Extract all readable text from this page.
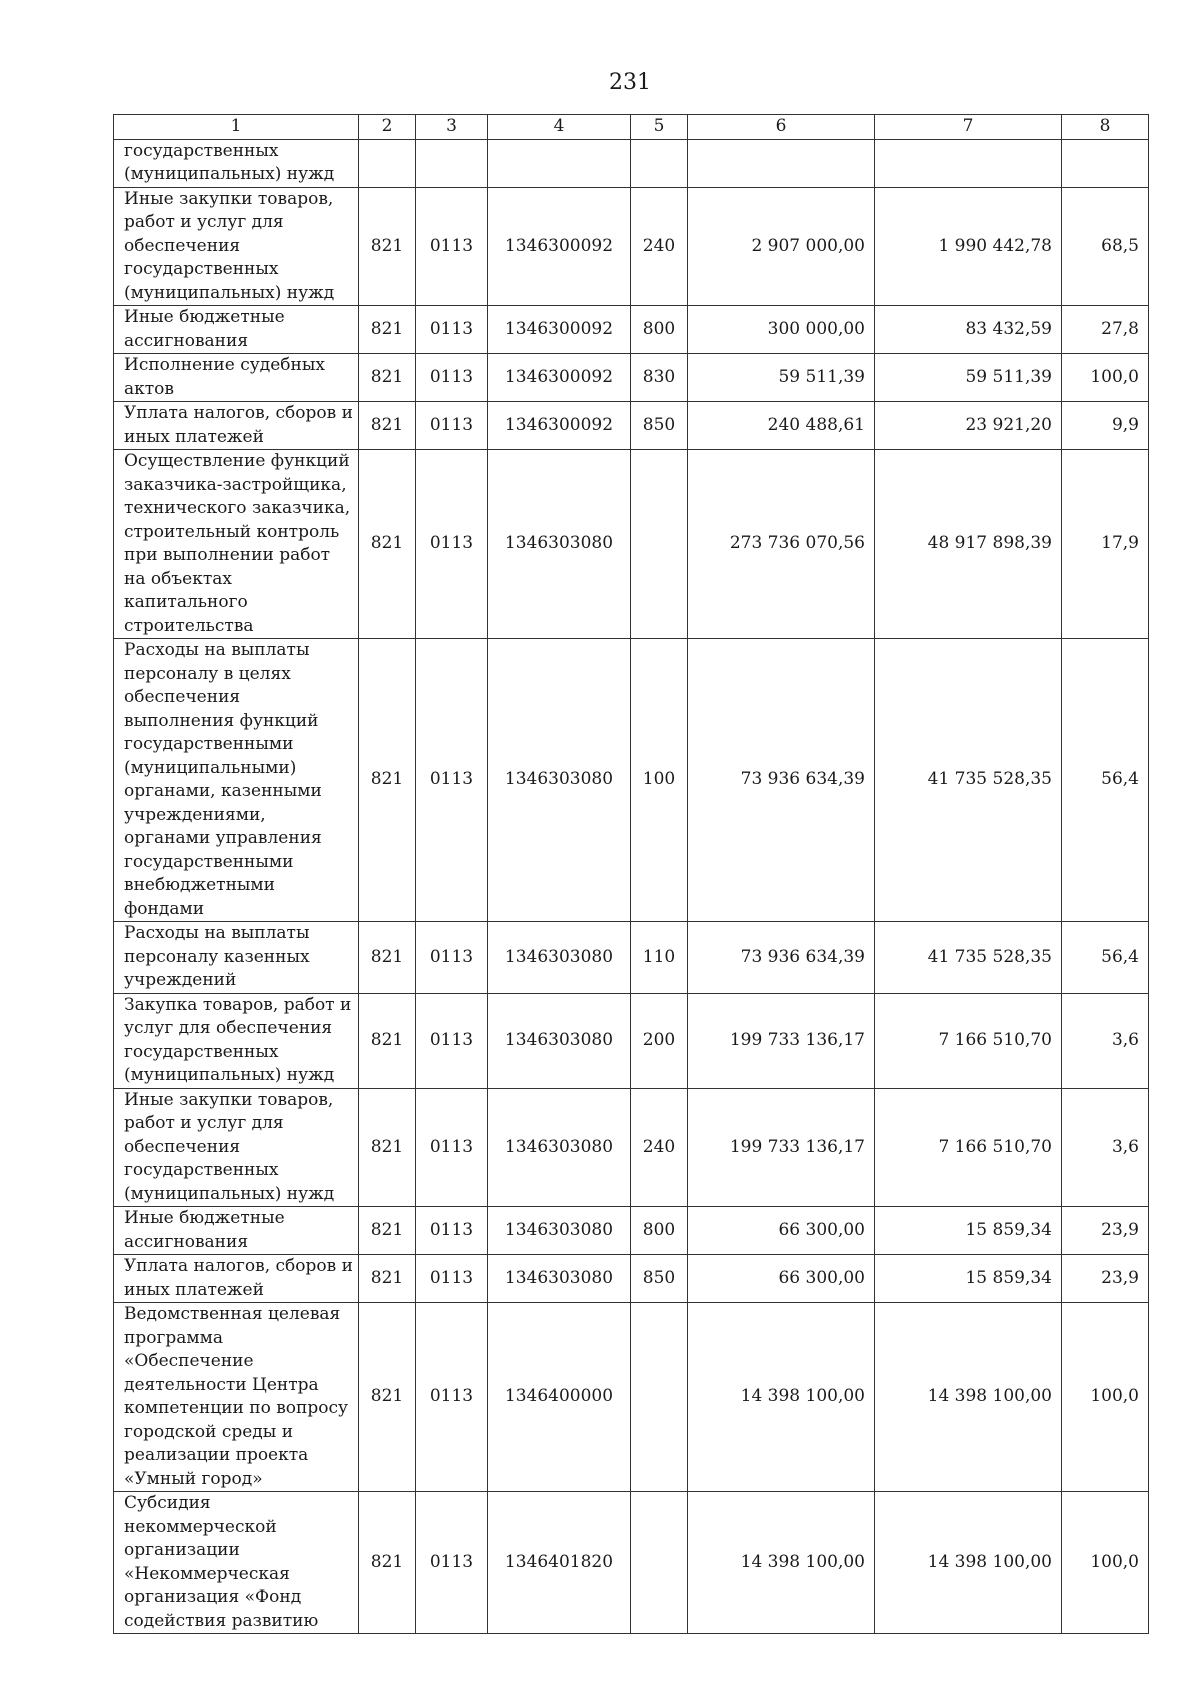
231
1	2	3	4	5	6	7	8
государственных (муниципальных) нужд							
Иные закупки товаров, работ и услуг для обеспечения государственных (муниципальных) нужд	821	0113	1346300092	240	2 907 000,00	1 990 442,78	68,5
Иные бюджетные ассигнования	821	0113	1346300092	800	300 000,00	83 432,59	27,8
Исполнение судебных актов	821	0113	1346300092	830	59 511,39	59 511,39	100,0
Уплата налогов, сборов и иных платежей	821	0113	1346300092	850	240 488,61	23 921,20	9,9
Осуществление функций заказчика-застройщика, технического заказчика, строительный контроль при выполнении работ на объектах капитального строительства	821	0113	1346303080		273 736 070,56	48 917 898,39	17,9
Расходы на выплаты персоналу в целях обеспечения выполнения функций государственными (муниципальными) органами, казенными учреждениями, органами управления государственными внебюджетными фондами	821	0113	1346303080	100	73 936 634,39	41 735 528,35	56,4
Расходы на выплаты персоналу казенных учреждений	821	0113	1346303080	110	73 936 634,39	41 735 528,35	56,4
Закупка товаров, работ и услуг для обеспечения государственных (муниципальных) нужд	821	0113	1346303080	200	199 733 136,17	7 166 510,70	3,6
Иные закупки товаров, работ и услуг для обеспечения государственных (муниципальных) нужд	821	0113	1346303080	240	199 733 136,17	7 166 510,70	3,6
Иные бюджетные ассигнования	821	0113	1346303080	800	66 300,00	15 859,34	23,9
Уплата налогов, сборов и иных платежей	821	0113	1346303080	850	66 300,00	15 859,34	23,9
Ведомственная целевая программа «Обеспечение деятельности Центра компетенции по вопросу городской среды и реализации проекта «Умный город»	821	0113	1346400000		14 398 100,00	14 398 100,00	100,0
Субсидия некоммерческой организации «Некоммерческая организация «Фонд содействия развитию	821	0113	1346401820		14 398 100,00	14 398 100,00	100,0
